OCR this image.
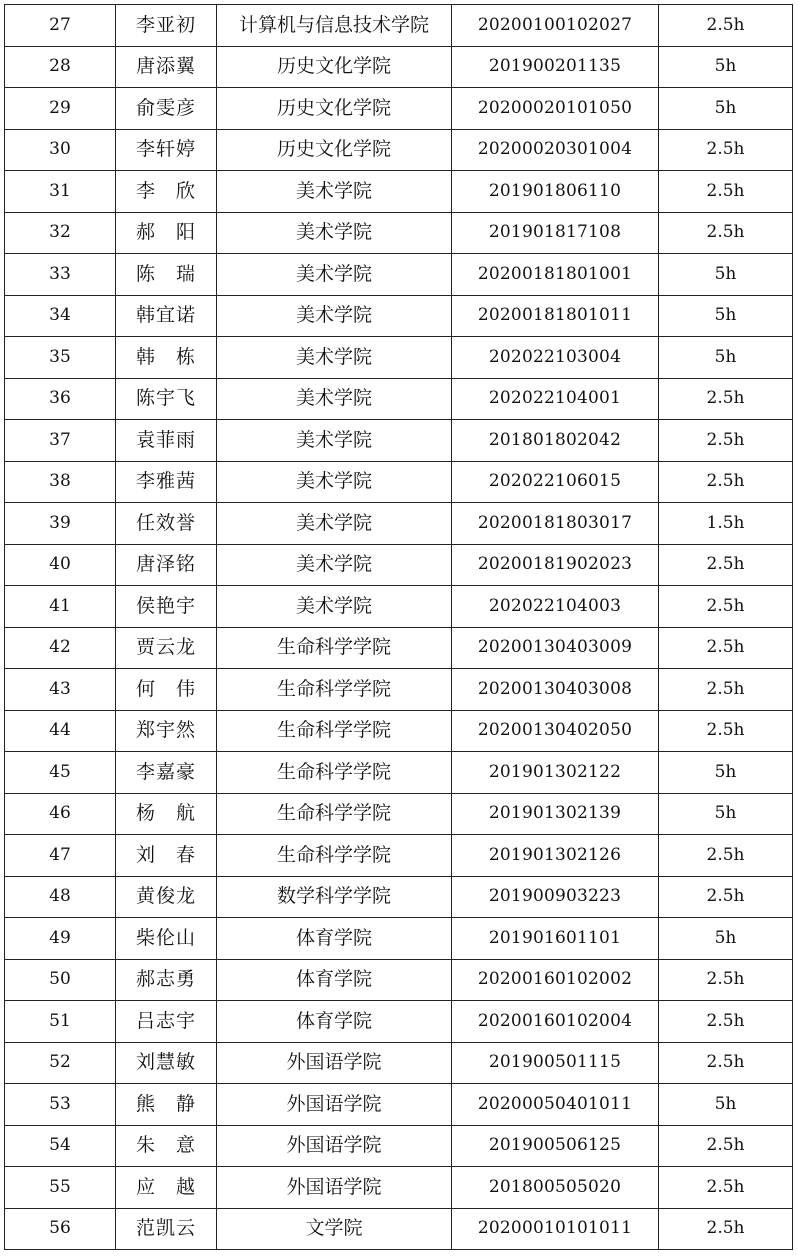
27	李亚初	计算机与信息技术学院	20200100102027	2.5h
28	唐添翼	历史文化学院	201900201135	5h
29	俞雯彦	历史文化学院	20200020101050	5h
30	李轩婷	历史文化学院	20200020301004	2.5h
31	李　欣	美术学院	201901806110	2.5h
32	郝　阳	美术学院	201901817108	2.5h
33	陈　瑞	美术学院	20200181801001	5h
34	韩宜诺	美术学院	20200181801011	5h
35	韩　栋	美术学院	202022103004	5h
36	陈宇飞	美术学院	202022104001	2.5h
37	袁菲雨	美术学院	201801802042	2.5h
38	李雅茜	美术学院	202022106015	2.5h
39	任效誉	美术学院	20200181803017	1.5h
40	唐泽铭	美术学院	20200181902023	2.5h
41	侯艳宇	美术学院	202022104003	2.5h
42	贾云龙	生命科学学院	20200130403009	2.5h
43	何　伟	生命科学学院	20200130403008	2.5h
44	郑宇然	生命科学学院	20200130402050	2.5h
45	李嘉豪	生命科学学院	201901302122	5h
46	杨　航	生命科学学院	201901302139	5h
47	刘　春	生命科学学院	201901302126	2.5h
48	黄俊龙	数学科学学院	201900903223	2.5h
49	柴伦山	体育学院	201901601101	5h
50	郝志勇	体育学院	20200160102002	2.5h
51	吕志宇	体育学院	20200160102004	2.5h
52	刘慧敏	外国语学院	201900501115	2.5h
53	熊　静	外国语学院	20200050401011	5h
54	朱　意	外国语学院	201900506125	2.5h
55	应　越	外国语学院	201800505020	2.5h
56	范凯云	文学院	20200010101011	2.5h
